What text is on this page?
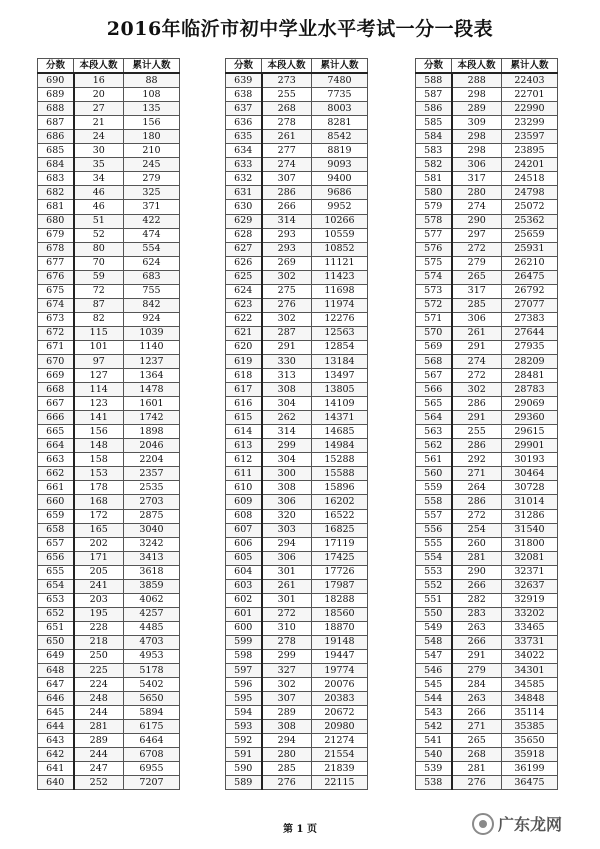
2016年临沂市初中学业水平考试一分一段表
分数	本段人数	累计人数
690	16	88
689	20	108
688	27	135
687	21	156
686	24	180
685	30	210
684	35	245
683	34	279
682	46	325
681	46	371
680	51	422
679	52	474
678	80	554
677	70	624
676	59	683
675	72	755
674	87	842
673	82	924
672	115	1039
671	101	1140
670	97	1237
669	127	1364
668	114	1478
667	123	1601
666	141	1742
665	156	1898
664	148	2046
663	158	2204
662	153	2357
661	178	2535
660	168	2703
659	172	2875
658	165	3040
657	202	3242
656	171	3413
655	205	3618
654	241	3859
653	203	4062
652	195	4257
651	228	4485
650	218	4703
649	250	4953
648	225	5178
647	224	5402
646	248	5650
645	244	5894
644	281	6175
643	289	6464
642	244	6708
641	247	6955
640	252	7207
分数	本段人数	累计人数
639	273	7480
638	255	7735
637	268	8003
636	278	8281
635	261	8542
634	277	8819
633	274	9093
632	307	9400
631	286	9686
630	266	9952
629	314	10266
628	293	10559
627	293	10852
626	269	11121
625	302	11423
624	275	11698
623	276	11974
622	302	12276
621	287	12563
620	291	12854
619	330	13184
618	313	13497
617	308	13805
616	304	14109
615	262	14371
614	314	14685
613	299	14984
612	304	15288
611	300	15588
610	308	15896
609	306	16202
608	320	16522
607	303	16825
606	294	17119
605	306	17425
604	301	17726
603	261	17987
602	301	18288
601	272	18560
600	310	18870
599	278	19148
598	299	19447
597	327	19774
596	302	20076
595	307	20383
594	289	20672
593	308	20980
592	294	21274
591	280	21554
590	285	21839
589	276	22115
分数	本段人数	累计人数
588	288	22403
587	298	22701
586	289	22990
585	309	23299
584	298	23597
583	298	23895
582	306	24201
581	317	24518
580	280	24798
579	274	25072
578	290	25362
577	297	25659
576	272	25931
575	279	26210
574	265	26475
573	317	26792
572	285	27077
571	306	27383
570	261	27644
569	291	27935
568	274	28209
567	272	28481
566	302	28783
565	286	29069
564	291	29360
563	255	29615
562	286	29901
561	292	30193
560	271	30464
559	264	30728
558	286	31014
557	272	31286
556	254	31540
555	260	31800
554	281	32081
553	290	32371
552	266	32637
551	282	32919
550	283	33202
549	263	33465
548	266	33731
547	291	34022
546	279	34301
545	284	34585
544	263	34848
543	266	35114
542	271	35385
541	265	35650
540	268	35918
539	281	36199
538	276	36475
第 1 页	广东龙网
